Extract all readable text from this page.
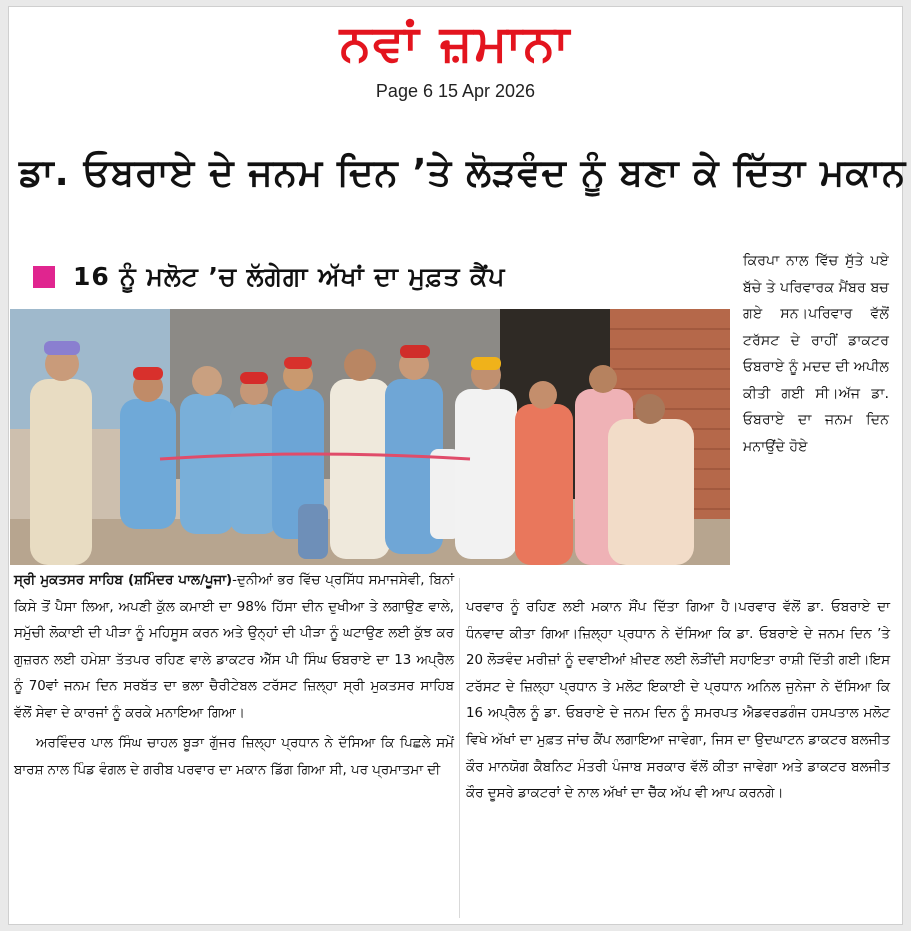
ਨਵਾਂ ਜ਼ਮਾਨਾ
Page 6 15 Apr 2026
ਡਾ. ਓਬਰਾਏ ਦੇ ਜਨਮ ਦਿਨ ’ਤੇ ਲੋੜਵੰਦ ਨੂੰ ਬਣਾ ਕੇ ਦਿੱਤਾ ਮਕਾਨ
16 ਨੂੰ ਮਲੋਟ ’ਚ ਲੱਗੇਗਾ ਅੱਖਾਂ ਦਾ ਮੁਫ਼ਤ ਕੈਂਪ
ਕਿਰਪਾ ਨਾਲ ਵਿੱਚ ਸੁੱਤੇ ਪਏ ਬੱਚੇ ਤੇ ਪਰਿਵਾਰਕ ਮੈਂਬਰ ਬਚ ਗਏ ਸਨ।ਪਰਿਵਾਰ ਵੱਲੋਂ ਟਰੱਸਟ ਦੇ ਰਾਹੀਂ ਡਾਕਟਰ ਓਬਰਾਏ ਨੂੰ ਮਦਦ ਦੀ ਅਪੀਲ ਕੀਤੀ ਗਈ ਸੀ।ਅੱਜ ਡਾ. ਓਬਰਾਏ ਦਾ ਜਨਮ ਦਿਨ ਮਨਾਉਂਦੇ ਹੋਏ

ਸ੍ਰੀ ਮੁਕਤਸਰ ਸਾਹਿਬ (ਸ਼ਮਿੰਦਰ ਪਾਲ/ਪੂਜਾ)-ਦੁਨੀਆਂ ਭਰ ਵਿੱਚ ਪ੍ਰਸਿੱਧ ਸਮਾਜਸੇਵੀ, ਬਿਨਾਂ ਕਿਸੇ ਤੋਂ ਪੈਸਾ ਲਿਆ, ਅਪਣੀ ਕੁੱਲ ਕਮਾਈ ਦਾ 98% ਹਿੱਸਾ ਦੀਨ ਦੁਖੀਆ ਤੇ ਲਗਾਉਣ ਵਾਲੇ, ਸਮੁੱਚੀ ਲੋਕਾਈ ਦੀ ਪੀੜਾ ਨੂੰ ਮਹਿਸੂਸ ਕਰਨ ਅਤੇ ਉਨ੍ਹਾਂ ਦੀ ਪੀੜਾ ਨੂੰ ਘਟਾਉਣ ਲਈ ਕੁੱਝ ਕਰ ਗੁਜ਼ਰਨ ਲਈ ਹਮੇਸ਼ਾ ਤੱਤਪਰ ਰਹਿਣ ਵਾਲੇ ਡਾਕਟਰ ਐੱਸ ਪੀ ਸਿੰਘ ਓਬਰਾਏ ਦਾ 13 ਅਪ੍ਰੈਲ ਨੂੰ 70ਵਾਂ ਜਨਮ ਦਿਨ ਸਰਬੱਤ ਦਾ ਭਲਾ ਚੈਰੀਟੇਬਲ ਟਰੱਸਟ ਜ਼ਿਲ੍ਹਾ ਸ੍ਰੀ ਮੁਕਤਸਰ ਸਾਹਿਬ ਵੱਲੋਂ ਸੇਵਾ ਦੇ ਕਾਰਜਾਂ ਨੂੰ ਕਰਕੇ ਮਨਾਇਆ ਗਿਆ।

ਅਰਵਿੰਦਰ ਪਾਲ ਸਿੰਘ ਚਾਹਲ ਬੂੜਾ ਗੁੱਜਰ ਜ਼ਿਲ੍ਹਾ ਪ੍ਰਧਾਨ ਨੇ ਦੱਸਿਆ ਕਿ ਪਿਛਲੇ ਸਮੇਂ ਬਾਰਸ਼ ਨਾਲ ਪਿੰਡ ਵੰਗਲ ਦੇ ਗਰੀਬ ਪਰਵਾਰ ਦਾ ਮਕਾਨ ਡਿੱਗ ਗਿਆ ਸੀ, ਪਰ ਪ੍ਰਮਾਤਮਾ ਦੀ

ਪਰਵਾਰ ਨੂੰ ਰਹਿਣ ਲਈ ਮਕਾਨ ਸੌਂਪ ਦਿੱਤਾ ਗਿਆ ਹੈ।ਪਰਵਾਰ ਵੱਲੋਂ ਡਾ. ਓਬਰਾਏ ਦਾ ਧੰਨਵਾਦ ਕੀਤਾ ਗਿਆ।ਜ਼ਿਲ੍ਹਾ ਪ੍ਰਧਾਨ ਨੇ ਦੱਸਿਆ ਕਿ ਡਾ. ਓਬਰਾਏ ਦੇ ਜਨਮ ਦਿਨ ’ਤੇ 20 ਲੋੜਵੰਦ ਮਰੀਜ਼ਾਂ ਨੂੰ ਦਵਾਈਆਂ ਖ਼ੀਦਣ ਲਈ ਲੋੜੀਂਦੀ ਸਹਾਇਤਾ ਰਾਸ਼ੀ ਦਿੱਤੀ ਗਈ।ਇਸ ਟਰੱਸਟ ਦੇ ਜ਼ਿਲ੍ਹਾ ਪ੍ਰਧਾਨ ਤੇ ਮਲੋਟ ਇਕਾਈ ਦੇ ਪ੍ਰਧਾਨ ਅਨਿਲ ਜੁਨੇਜਾ ਨੇ ਦੱਸਿਆ ਕਿ 16 ਅਪ੍ਰੈਲ ਨੂੰ ਡਾ. ਓਬਰਾਏ ਦੇ ਜਨਮ ਦਿਨ ਨੂੰ ਸਮਰਪਤ ਐਡਵਰਡਗੰਜ ਹਸਪਤਾਲ ਮਲੋਟ ਵਿਖੇ ਅੱਖਾਂ ਦਾ ਮੁਫ਼ਤ ਜਾਂਚ ਕੈਂਪ ਲਗਾਇਆ ਜਾਵੇਗਾ, ਜਿਸ ਦਾ ਉਦਘਾਟਨ ਡਾਕਟਰ ਬਲਜੀਤ ਕੌਰ ਮਾਨਯੋਗ ਕੈਬਨਿਟ ਮੰਤਰੀ ਪੰਜਾਬ ਸਰਕਾਰ ਵੱਲੋਂ ਕੀਤਾ ਜਾਵੇਗਾ ਅਤੇ ਡਾਕਟਰ ਬਲਜੀਤ ਕੌਰ ਦੂਸਰੇ ਡਾਕਟਰਾਂ ਦੇ ਨਾਲ ਅੱਖਾਂ ਦਾ ਚੈੱਕ ਅੱਪ ਵੀ ਆਪ ਕਰਨਗੇ।
